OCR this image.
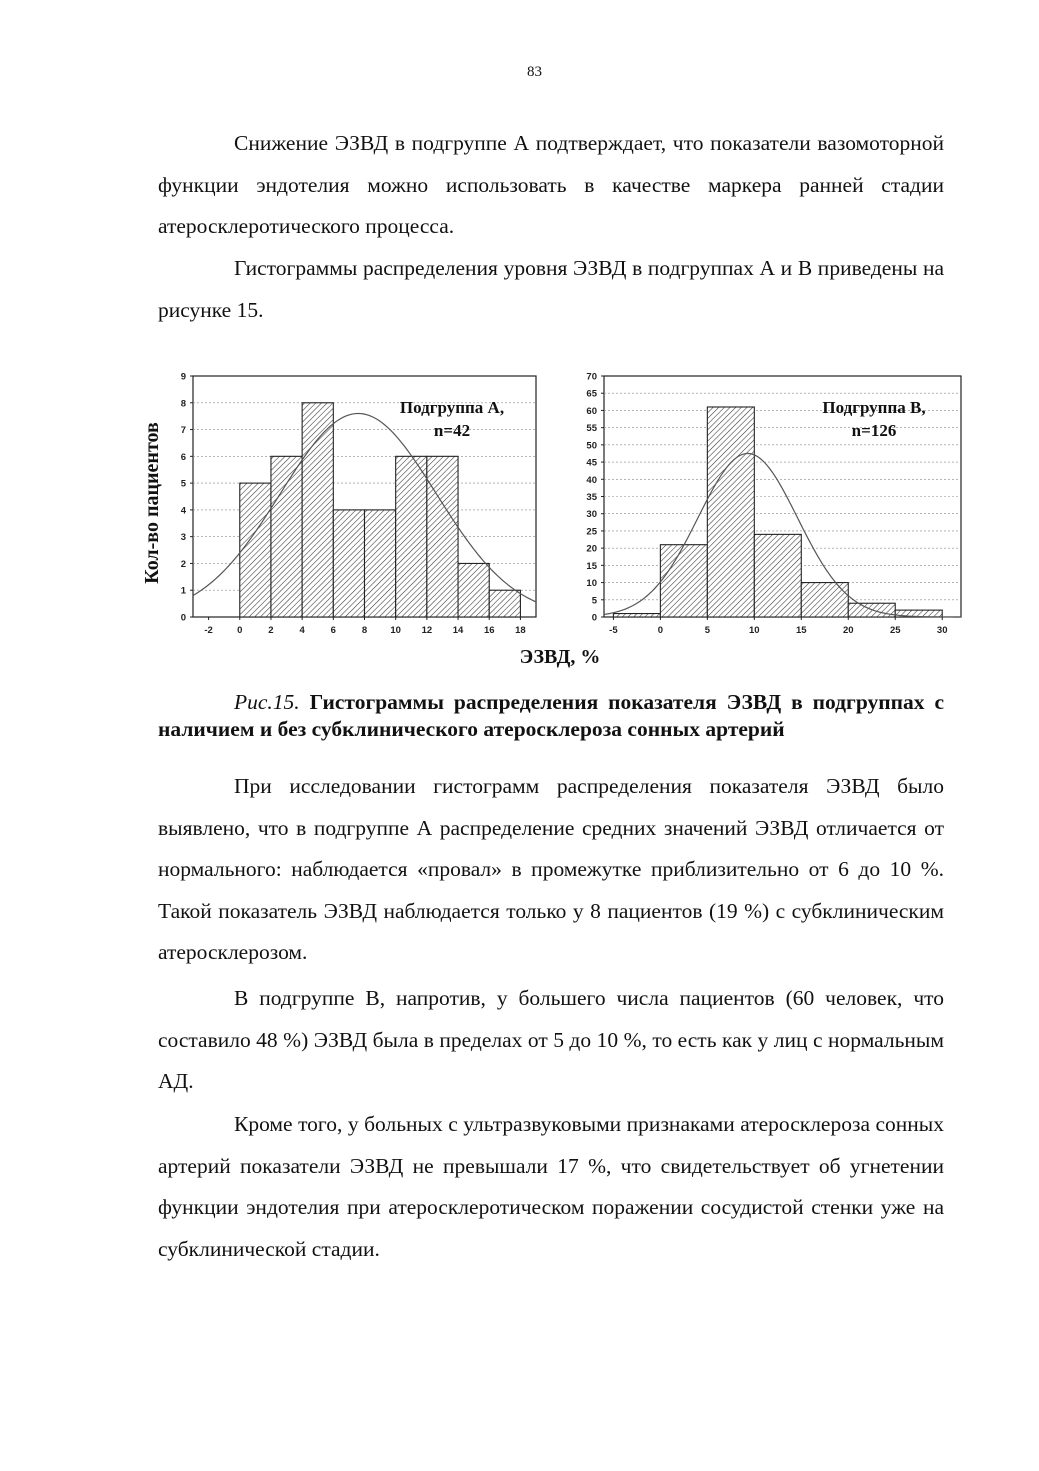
83

Снижение ЭЗВД в подгруппе А подтверждает, что показатели вазомоторной функции эндотелия можно использовать в качестве маркера ранней стадии атеросклеротического процесса.

Гистограммы распределения уровня ЭЗВД в подгруппах А и В приведены на рисунке 15.

0
1
2
3
4
5
6
7
8
9
-2	0	2	4	6	8 10 12 14 16 18
Подгруппа А,
n=42
0
5
10
15
20
25
30
35
40
45
50
55
60
65
70
-5	0	5	10	15	20	25	30
Подгруппа В,
n=126
Кол-во пациентов
ЭЗВД, %

Рис.15. Гистограммы распределения показателя ЭЗВД в подгруппах с наличием и без субклинического атеросклероза сонных артерий

При исследовании гистограмм распределения показателя ЭЗВД было выявлено, что в подгруппе А распределение средних значений ЭЗВД отличается от нормального: наблюдается «провал» в промежутке приблизительно от 6 до 10 %. Такой показатель ЭЗВД наблюдается только у 8 пациентов (19 %) с субклиническим атеросклерозом.

В подгруппе В, напротив, у большего числа пациентов (60 человек, что составило 48 %) ЭЗВД была в пределах от 5 до 10 %, то есть как у лиц с нормальным АД.

Кроме того, у больных с ультразвуковыми признаками атеросклероза сонных артерий показатели ЭЗВД не превышали 17 %, что свидетельствует об угнетении функции эндотелия при атеросклеротическом поражении сосудистой стенки уже на субклинической стадии.
